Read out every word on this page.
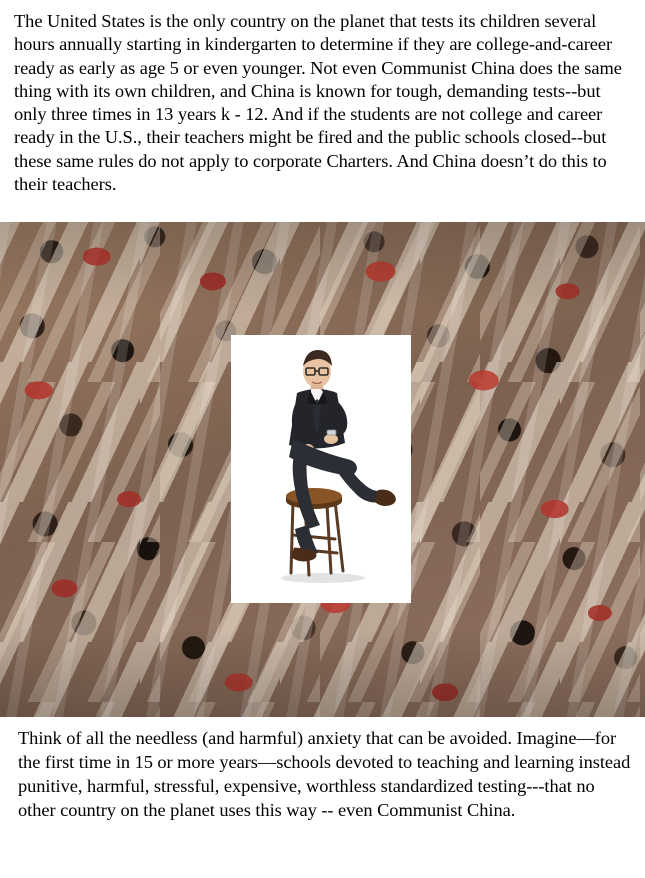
The United States is the only country on the planet that tests its children several hours annually starting in kindergarten to determine if they are college-and-career ready as early as age 5 or even younger. Not even Communist China does the same thing with its own children, and China is known for tough, demanding tests--but only three times in 13 years k - 12. And if the students are not college and career ready in the U.S., their teachers might be fired and the public schools closed--but these same rules do not apply to corporate Charters. And China doesn’t do this to their teachers.

Think of all the needless (and harmful) anxiety that can be avoided. Imagine—for the first time in 15 or more years—schools devoted to teaching and learning instead punitive, harmful, stressful, expensive, worthless standardized testing---that no other country on the planet uses this way -- even Communist China.
